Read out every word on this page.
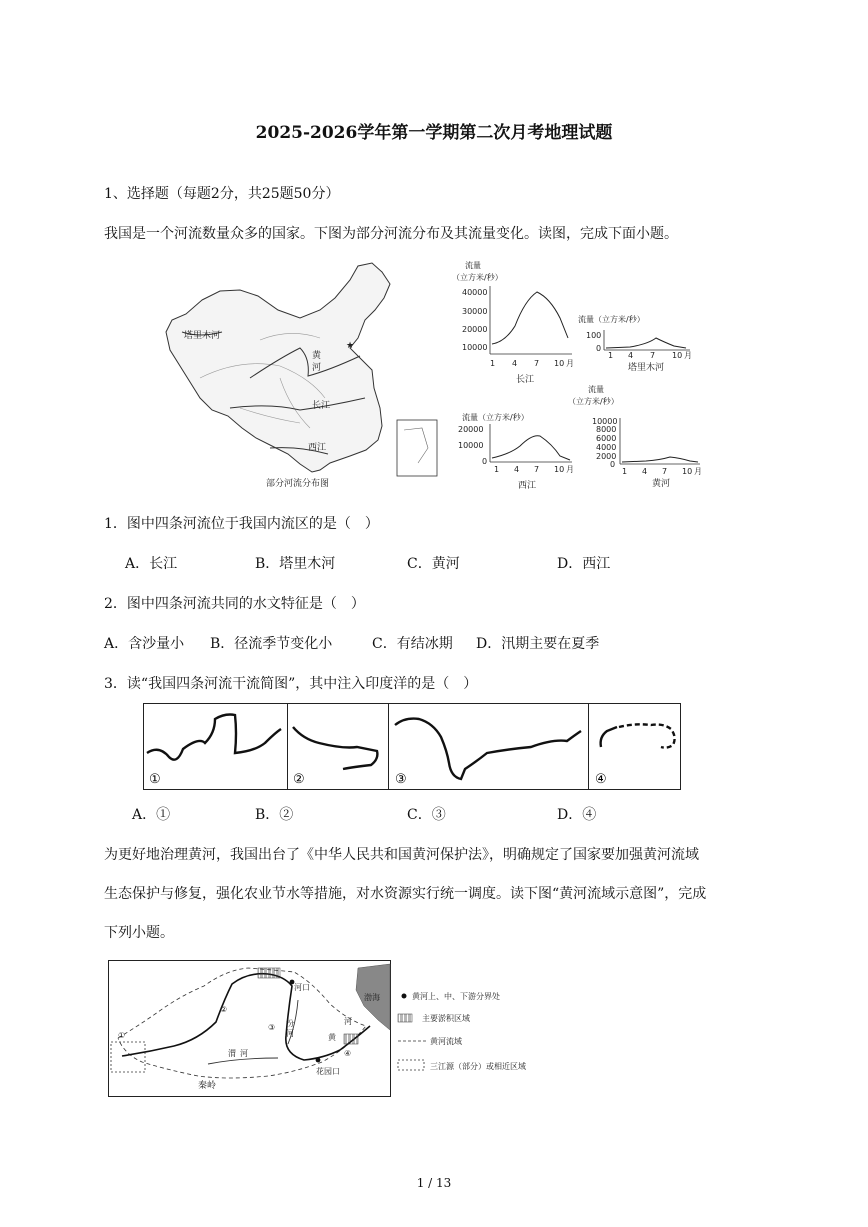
2025-2026学年第一学期第二次月考地理试题
1、选择题（每题2分，共25题50分）
我国是一个河流数量众多的国家。下图为部分河流分布及其流量变化。读图，完成下面小题。
★
塔里木河
黄
河
长江
西江
部分河流分布图
流量
（立方米/秒）
40000
30000
20000
10000
1 4 7 10 月
长江
流量（立方米/秒）
100
0
1 4 7 10 月
塔里木河
流量（立方米/秒）
20000
10000
0
1 4 7 10 月
西江
流量
（立方米/秒）
10000
8000
6000
4000
2000
0
1 4 7 10 月
黄河
1．图中四条河流位于我国内流区的是（　）
A．长江	B．塔里木河	C．黄河	D．西江
2．图中四条河流共同的水文特征是（　）
A．含沙量小 B．径流季节变化小	C．有结冰期 D．汛期主要在夏季
3．读“我国四条河流干流简图”，其中注入印度洋的是（　）
①	②	③	④
A．①	B．②	C．③	D．④
为更好地治理黄河，我国出台了《中华人民共和国黄河保护法》，明确规定了国家要加强黄河流域
生态保护与修复，强化农业节水等措施，对水资源实行统一调度。读下图“黄河流域示意图”，完成
下列小题。
渤海
河
黄
花园口
秦岭
河口
①
②
③
④
汾
河
渭 河
黄河上、中、下游分界处
主要淤积区域
黄河流域
三江源（部分）或相近区域
1 / 13
